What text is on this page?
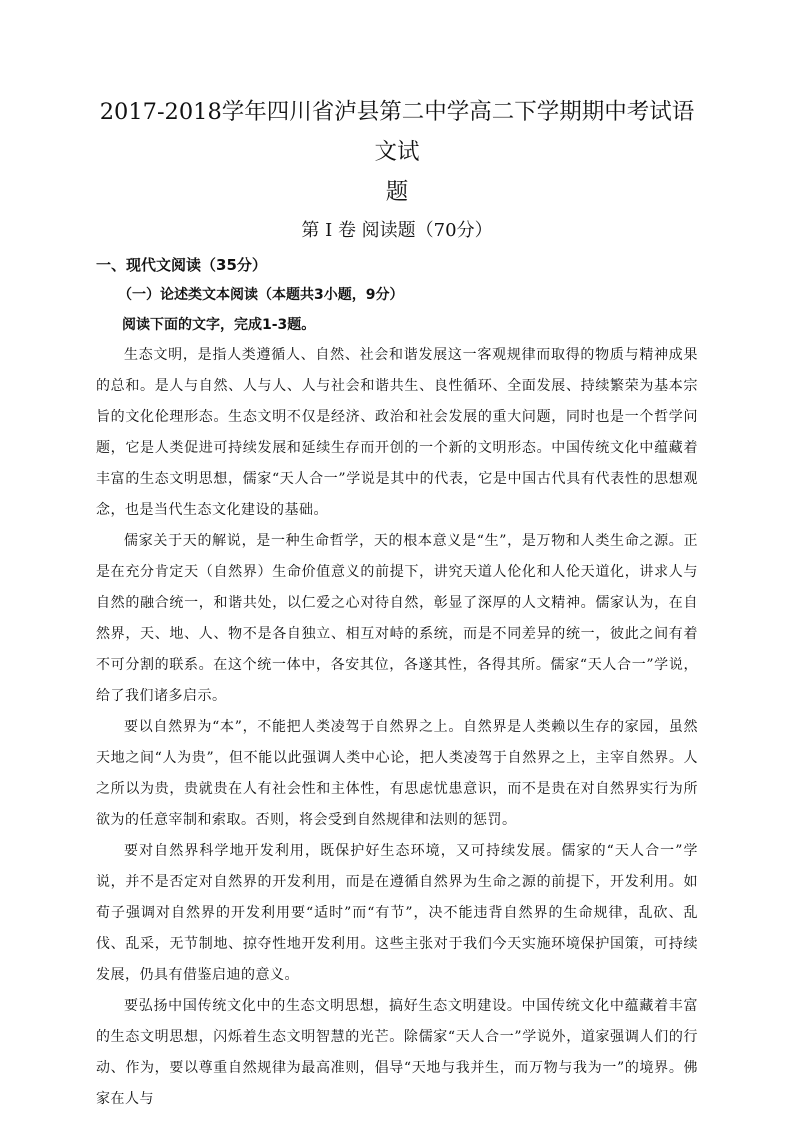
2017-2018学年四川省泸县第二中学高二下学期期中考试语文试
题
第 I 卷 阅读题（70分）
一、现代文阅读（35分）
（一）论述类文本阅读（本题共3小题，9分）
阅读下面的文字，完成1-3题。

生态文明，是指人类遵循人、自然、社会和谐发展这一客观规律而取得的物质与精神成果的总和。是人与自然、人与人、人与社会和谐共生、良性循环、全面发展、持续繁荣为基本宗旨的文化伦理形态。生态文明不仅是经济、政治和社会发展的重大问题，同时也是一个哲学问题，它是人类促进可持续发展和延续生存而开创的一个新的文明形态。中国传统文化中蕴藏着丰富的生态文明思想，儒家“天人合一”学说是其中的代表，它是中国古代具有代表性的思想观念，也是当代生态文化建设的基础。

儒家关于天的解说，是一种生命哲学，天的根本意义是“生”，是万物和人类生命之源。正是在充分肯定天（自然界）生命价值意义的前提下，讲究天道人伦化和人伦天道化，讲求人与自然的融合统一，和谐共处，以仁爱之心对待自然，彰显了深厚的人文精神。儒家认为，在自然界，天、地、人、物不是各自独立、相互对峙的系统，而是不同差异的统一，彼此之间有着不可分割的联系。在这个统一体中，各安其位，各遂其性，各得其所。儒家“天人合一”学说，给了我们诸多启示。

要以自然界为“本”，不能把人类凌驾于自然界之上。自然界是人类赖以生存的家园，虽然天地之间“人为贵”，但不能以此强调人类中心论，把人类凌驾于自然界之上，主宰自然界。人之所以为贵，贵就贵在人有社会性和主体性，有思虑忧患意识，而不是贵在对自然界实行为所欲为的任意宰制和索取。否则，将会受到自然规律和法则的惩罚。

要对自然界科学地开发利用，既保护好生态环境，又可持续发展。儒家的“天人合一”学说，并不是否定对自然界的开发利用，而是在遵循自然界为生命之源的前提下，开发利用。如荀子强调对自然界的开发利用要“适时”而“有节”，决不能违背自然界的生命规律，乱砍、乱伐、乱采，无节制地、掠夺性地开发利用。这些主张对于我们今天实施环境保护国策，可持续发展，仍具有借鉴启迪的意义。

要弘扬中国传统文化中的生态文明思想，搞好生态文明建设。中国传统文化中蕴藏着丰富的生态文明思想，闪烁着生态文明智慧的光芒。除儒家“天人合一”学说外，道家强调人们的行动、作为，要以尊重自然规律为最高准则，倡导“天地与我并生，而万物与我为一”的境界。佛家在人与
